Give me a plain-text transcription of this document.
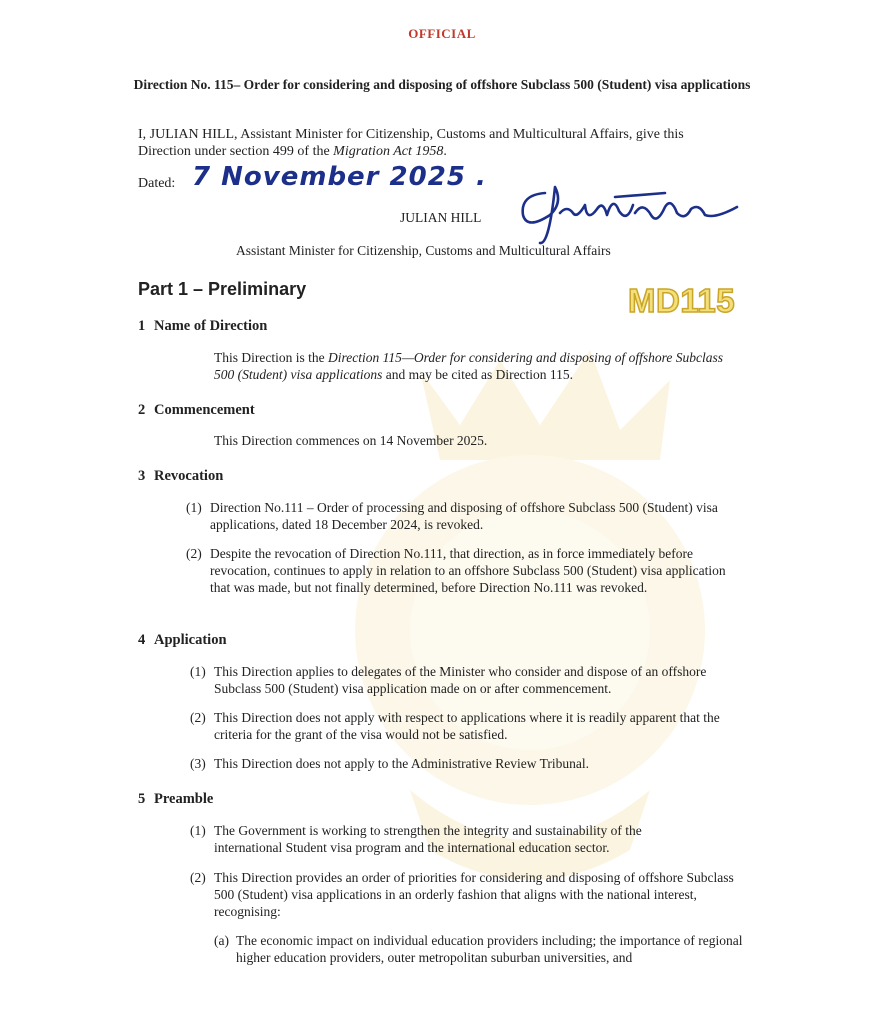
OFFICIAL
Direction No. 115– Order for considering and disposing of offshore Subclass 500 (Student) visa applications
I, JULIAN HILL, Assistant Minister for Citizenship, Customs and Multicultural Affairs, give this Direction under section 499 of the Migration Act 1958.
Dated: 7 November 2025 .
JULIAN HILL
Assistant Minister for Citizenship, Customs and Multicultural Affairs
Part 1 – Preliminary	MD115
1 Name of Direction
This Direction is the Direction 115—Order for considering and disposing of offshore Subclass 500 (Student) visa applications and may be cited as Direction 115.
2 Commencement
This Direction commences on 14 November 2025.
3 Revocation
(1) Direction No.111 – Order of processing and disposing of offshore Subclass 500 (Student) visa applications, dated 18 December 2024, is revoked.
(2) Despite the revocation of Direction No.111, that direction, as in force immediately before revocation, continues to apply in relation to an offshore Subclass 500 (Student) visa application that was made, but not finally determined, before Direction No.111 was revoked.
4 Application
(1) This Direction applies to delegates of the Minister who consider and dispose of an offshore Subclass 500 (Student) visa application made on or after commencement.
(2) This Direction does not apply with respect to applications where it is readily apparent that the criteria for the grant of the visa would not be satisfied.
(3) This Direction does not apply to the Administrative Review Tribunal.
5 Preamble
(1) The Government is working to strengthen the integrity and sustainability of the international Student visa program and the international education sector.
(2) This Direction provides an order of priorities for considering and disposing of offshore Subclass 500 (Student) visa applications in an orderly fashion that aligns with the national interest, recognising:
(a) The economic impact on individual education providers including; the importance of regional higher education providers, outer metropolitan suburban universities, and
